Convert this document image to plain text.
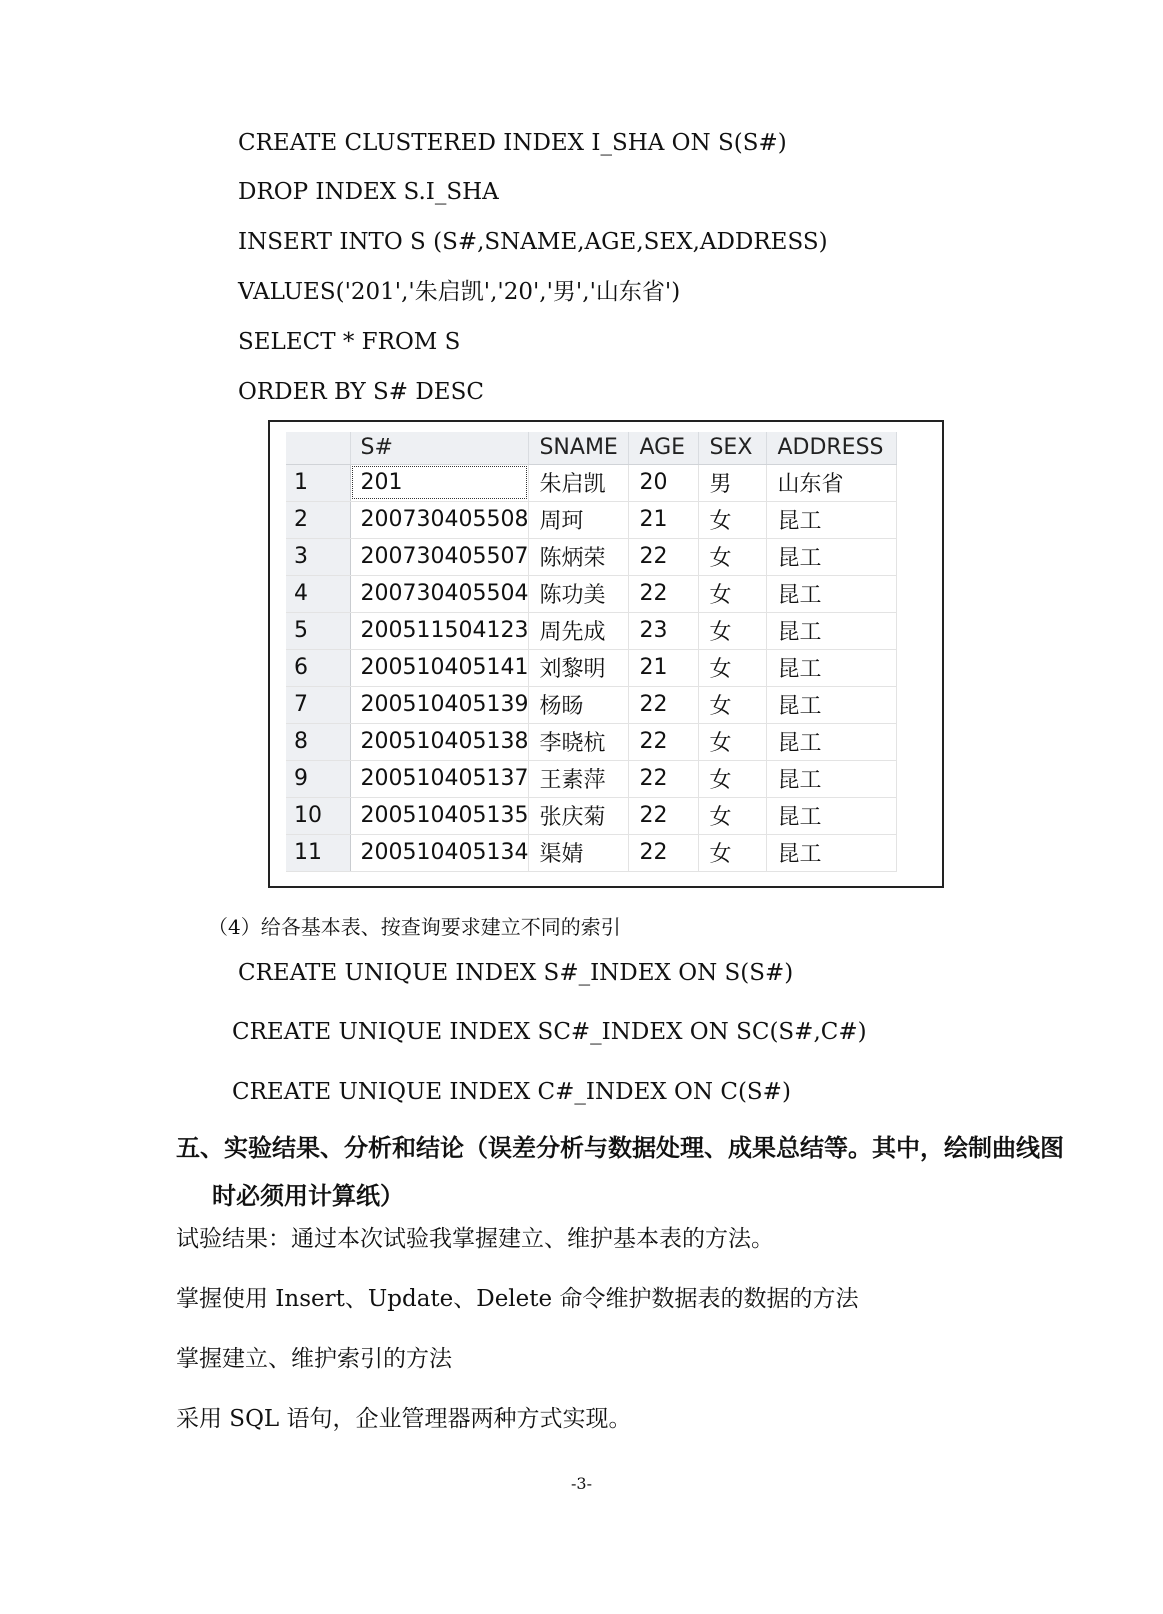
CREATE CLUSTERED INDEX I_SHA ON S(S#)
DROP INDEX S.I_SHA
INSERT INTO S (S#,SNAME,AGE,SEX,ADDRESS)
VALUES('201','朱启凯','20','男','山东省')
SELECT * FROM S
ORDER BY S# DESC
	S#	SNAME	AGE	SEX	ADDRESS
1	201	朱启凯	20	男	山东省
2	200730405508	周珂	21	女	昆工
3	200730405507	陈炳荣	22	女	昆工
4	200730405504	陈功美	22	女	昆工
5	200511504123	周先成	23	女	昆工
6	200510405141	刘黎明	21	女	昆工
7	200510405139	杨旸	22	女	昆工
8	200510405138	李晓杭	22	女	昆工
9	200510405137	王素萍	22	女	昆工
10	200510405135	张庆菊	22	女	昆工
11	200510405134	渠婧	22	女	昆工
（4）给各基本表、按查询要求建立不同的索引
CREATE UNIQUE INDEX S#_INDEX ON S(S#)
CREATE UNIQUE INDEX SC#_INDEX ON SC(S#,C#)
CREATE UNIQUE INDEX C#_INDEX ON C(S#)
五、实验结果、分析和结论（误差分析与数据处理、成果总结等。其中，绘制曲线图
时必须用计算纸）
试验结果：通过本次试验我掌握建立、维护基本表的方法。
掌握使用 Insert、Update、Delete 命令维护数据表的数据的方法
掌握建立、维护索引的方法
采用 SQL 语句，企业管理器两种方式实现。
-3-
